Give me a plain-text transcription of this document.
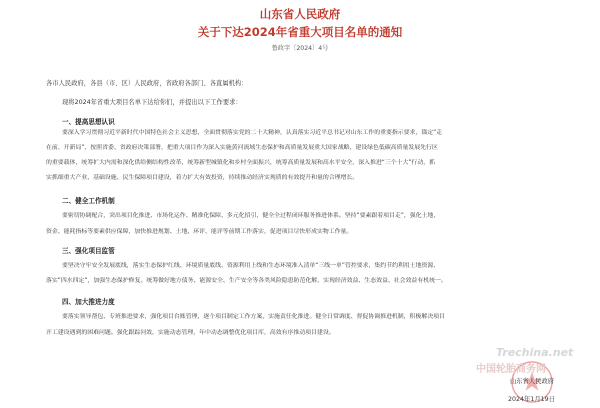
山东省人民政府
关于下达2024年省重大项目名单的通知
鲁政字〔2024〕4号
各市人民政府，各县（市、区）人民政府，省政府各部门、各直属机构：
现将2024年省重大项目名单下达给你们，并提出以下工作要求：
一、提高思想认识
要深入学习贯彻习近平新时代中国特色社会主义思想，全面贯彻落实党的二十大精神，认真落实习近平总书记对山东工作的重要指示要求，锚定“走
在前、开新局”，按照省委、省政府决策部署，把重大项目作为深入实施黄河流域生态保护和高质量发展重大国家战略、建设绿色低碳高质量发展先行区
的重要载体，统筹扩大内需和深化供给侧结构性改革，统筹新型城镇化和乡村全面振兴，统筹高质量发展和高水平安全，深入推进“三个十大”行动，抓
实抓细重大产业、基础设施、民生保障项目建设，着力扩大有效投资，持续推动经济实现质的有效提升和量的合理增长。
二、健全工作机制
要密切协调配合，突出项目化推进、市场化运作、精准化保障、多元化招引，健全全过程闭环服务推进体系。坚持“要素跟着项目走”，强化土地、
资金、能耗指标等要素供应保障，加快推进规划、土地、环评、能评等前期工作落实，促进项目尽快形成实物工作量。
三、强化项目监管
要坚决守牢安全发展底线，落实生态保护红线、环境质量底线、资源利用上线和生态环境准入清单“三线一单”管控要求，集约节约利用土地资源，
落实“四水四定”，加强生态保护修复。统筹做好地方债务、能源安全、生产安全等各类风险隐患防范化解，实现经济效益、生态效益、社会效益有机统一。
四、加大推进力度
要落实领导帮包、专班推进要求，强化项目台账管理，逐个项目制定工作方案，实施责任化推进。健全日常调度、督促协调推进机制，积极解决项目
开工建设遇到的困难问题。强化跟踪问效，实施动态管理，年中动态调整优化项目库，高效有序推动项目建设。
Trechina.net
中国轮胎商务网
山东省人民政府
2024年1月19日
